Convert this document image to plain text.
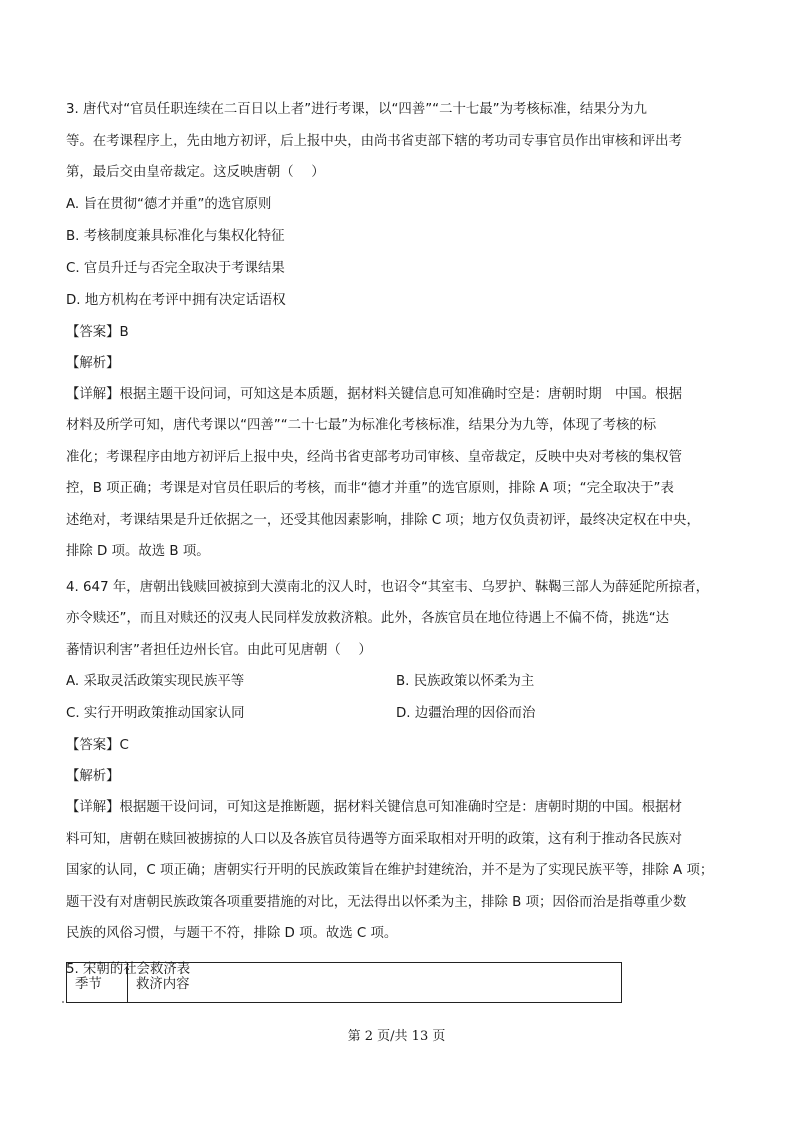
3. 唐代对“官员任职连续在二百日以上者”进行考课，以“四善”“二十七最”为考核标准，结果分为九

等。在考课程序上，先由地方初评，后上报中央，由尚书省吏部下辖的考功司专事官员作出审核和评出考

第，最后交由皇帝裁定。这反映唐朝（　 ）

A. 旨在贯彻“德才并重”的选官原则

B. 考核制度兼具标准化与集权化特征

C. 官员升迁与否完全取决于考课结果

D. 地方机构在考评中拥有决定话语权

【答案】B

【解析】

【详解】根据主题干设问词，可知这是本质题，据材料关键信息可知准确时空是：唐朝时期　中国。根据

材料及所学可知，唐代考课以“四善”“二十七最”为标准化考核标准，结果分为九等，体现了考核的标

准化；考课程序由地方初评后上报中央，经尚书省吏部考功司审核、皇帝裁定，反映中央对考核的集权管

控，B 项正确；考课是对官员任职后的考核，而非“德才并重”的选官原则，排除 A 项；“完全取决于”表

述绝对，考课结果是升迁依据之一，还受其他因素影响，排除 C 项；地方仅负责初评，最终决定权在中央，

排除 D 项。故选 B 项。

4. 647 年，唐朝出钱赎回被掠到大漠南北的汉人时，也诏令“其室韦、乌罗护、靺鞨三部人为薛延陀所掠者，

亦令赎还”，而且对赎还的汉夷人民同样发放救济粮。此外，各族官员在地位待遇上不偏不倚，挑选“达

蕃情识利害”者担任边州长官。由此可见唐朝（　 ）

A. 采取灵活政策实现民族平等	B. 民族政策以怀柔为主

C. 实行开明政策推动国家认同	D. 边疆治理的因俗而治

【答案】C

【解析】

【详解】根据题干设问词，可知这是推断题，据材料关键信息可知准确时空是：唐朝时期的中国。根据材

料可知，唐朝在赎回被掳掠的人口以及各族官员待遇等方面采取相对开明的政策，这有利于推动各民族对

国家的认同，C 项正确；唐朝实行开明的民族政策旨在维护封建统治，并不是为了实现民族平等，排除 A 项；

题干没有对唐朝民族政策各项重要措施的对比，无法得出以怀柔为主，排除 B 项；因俗而治是指尊重少数

民族的风俗习惯，与题干不符，排除 D 项。故选 C 项。

5. 宋朝的社会救济表

季节	救济内容
第 2 页/共 13 页
